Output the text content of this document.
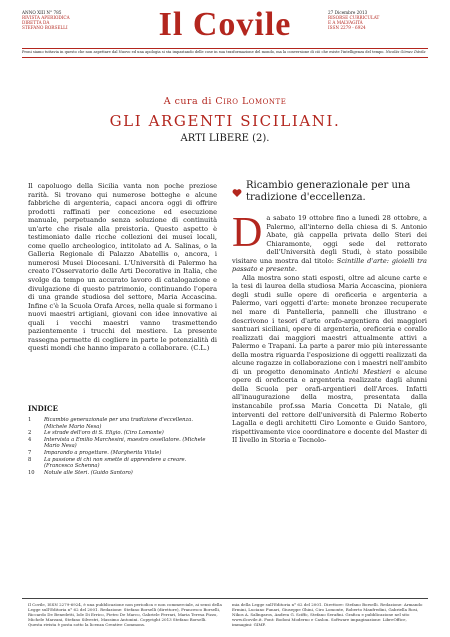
ANNO XIII N° 785
RIVISTA APERIODICA
DIRETTA DA
STEFANO BORSELLI	Il Covile	27 Dicembre 2013
RISORSE CURRICULAT
E A MALVAGITÀ
ISSN 2279 - 6924
Proni siamo tuttavia in questo che non aspettare dal Nuovo ed una apologia si sta impastando delle cose in sua trasformazione del mondo, ma la conversione di ciò che esiste l'intelligenza del tempo. Nicolás Gómez Dávila
A cura di Ciro Lomonte
GLI ARGENTI SICILIANI.
ARTI LIBERE (2).
Il capoluogo della Sicilia vanta non poche preziose rarità. Si trovano qui numerose botteghe e alcune fabbriche di argenteria, capaci ancora oggi di offrire prodotti raffinati per concezione ed esecuzione manuale, perpetuando senza soluzione di continuità un'arte che risale alla preistoria. Questo aspetto è testimoniato dalle ricche collezioni dei musei locali, come quello archeologico, intitolato ad A. Salinas, o la Galleria Regionale di Palazzo Abatellis o, ancora, i numerosi Musei Diocesani. L'Università di Palermo ha creato l'Osservatorio delle Arti Decorative in Italia, che svolge da tempo un accurato lavoro di catalogazione e divulgazione di questo patrimonio, continuando l'opera di una grande studiosa del settore, Maria Accascina. Infine c'è la Scuola Orafa Arces, nella quale si formano i nuovi maestri artigiani, giovani con idee innovative ai quali i vecchi maestri vanno trasmettendo pazientemente i trucchi del mestiere. La presente rassegna permette di cogliere in parte le potenzialità di questi mondi che hanno imparato a collaborare. (C.L.)
INDICE
1	Ricambio generazionale per una tradizione d'eccellenza. (Michele Mario Nesa)
2	Le strade dell'oro di S. Eligio. (Ciro Lomonte)
4	Intervista a Emilio Marchesini, maestro cesellatore. (Michele Mario Nesa)
7	Imparando a progettare. (Margherita Vitale)
8	La passione di chi non smette di apprendere a creare. (Francesco Schenna)
10 Notule alle Steri. (Guido Santoro)
Ricambio generazionale per una tradizione d'eccellenza.
D a sabato 19 ottobre fino a lunedì 28 ottobre, a Palermo, all'interno della chiesa di S. Antonio Abate, già cappella privata dello Steri dei Chiaramonte, oggi sede del rettorato dell'Università degli Studi, è stato possibile visitare una mostra dal titolo: Scintille d'arte: gioielli tra passato e presente.
Alla mostra sono stati esposti, oltre ad alcune carte e la tesi di laurea della studiosa Maria Accascina, pioniera degli studi sulle opere di oreficeria e argenteria a Palermo, vari oggetti d'arte: monete bronzee recuperate nel mare di Pantelleria, pannelli che illustrano e descrivono i tesori d'arte orafo-argentiera dei maggiori santuari siciliani, opere di argenteria, oreficeria e corallo realizzati dai maggiori maestri attualmente attivi a Palermo e Trapani. La parte a parer mio più interessante della mostra riguarda l'esposizione di oggetti realizzati da alcune ragazze in collaborazione con i maestri nell'ambito di un progetto denominato Antichi Mestieri e alcune opere di oreficeria e argenteria realizzate dagli alunni della Scuola per orafi-argentieri dell'Arces. Infatti all'inaugurazione della mostra, presentata dalla instancabile prof.ssa Maria Concetta Di Natale, gli interventi del rettore dell'università di Palermo Roberto Lagalla e degli architetti Ciro Lomonte e Guido Santoro, rispettivamente vice coordinatore e docente del Master di II livello in Storia e Tecnolo-
Il Covile, ISSN 2279-6924, è una pubblicazione non periodica e non commerciale, ai sensi della Legge sull'Editoria n° 62 del 2001. Redazione: Stefano Borselli (direttore), Francesco Borselli, Riccardo De Benedetti, Iole Di Errico, Pietro De Marco, Gabriele Ferrari, Maria Teresa Pizzo, Michele Marzani, Stefano Silvestri, Massimo Antonini. Copyright 2013 Stefano Borselli. Questa rivista è posta sotto la licenza Creative Commons.
mia della Legge sull'Editoria n° 62 del 2001. Direttore: Stefano Borselli. Redazione: Armando Ermini, Luciano Funari, Giuseppe Ghini, Ciro Lomonte, Roberto Manfredini, Gabriella Rosi, Nikos A. Salíngaros, Andrea G. Sciffo, Stefano Serafini. Grafica e pubblicazione nel sito www.ilcovile.it. Font: Bodoni Moderno e Caslon. Software impaginazione: LibreOffice, immagini: GIMP.
